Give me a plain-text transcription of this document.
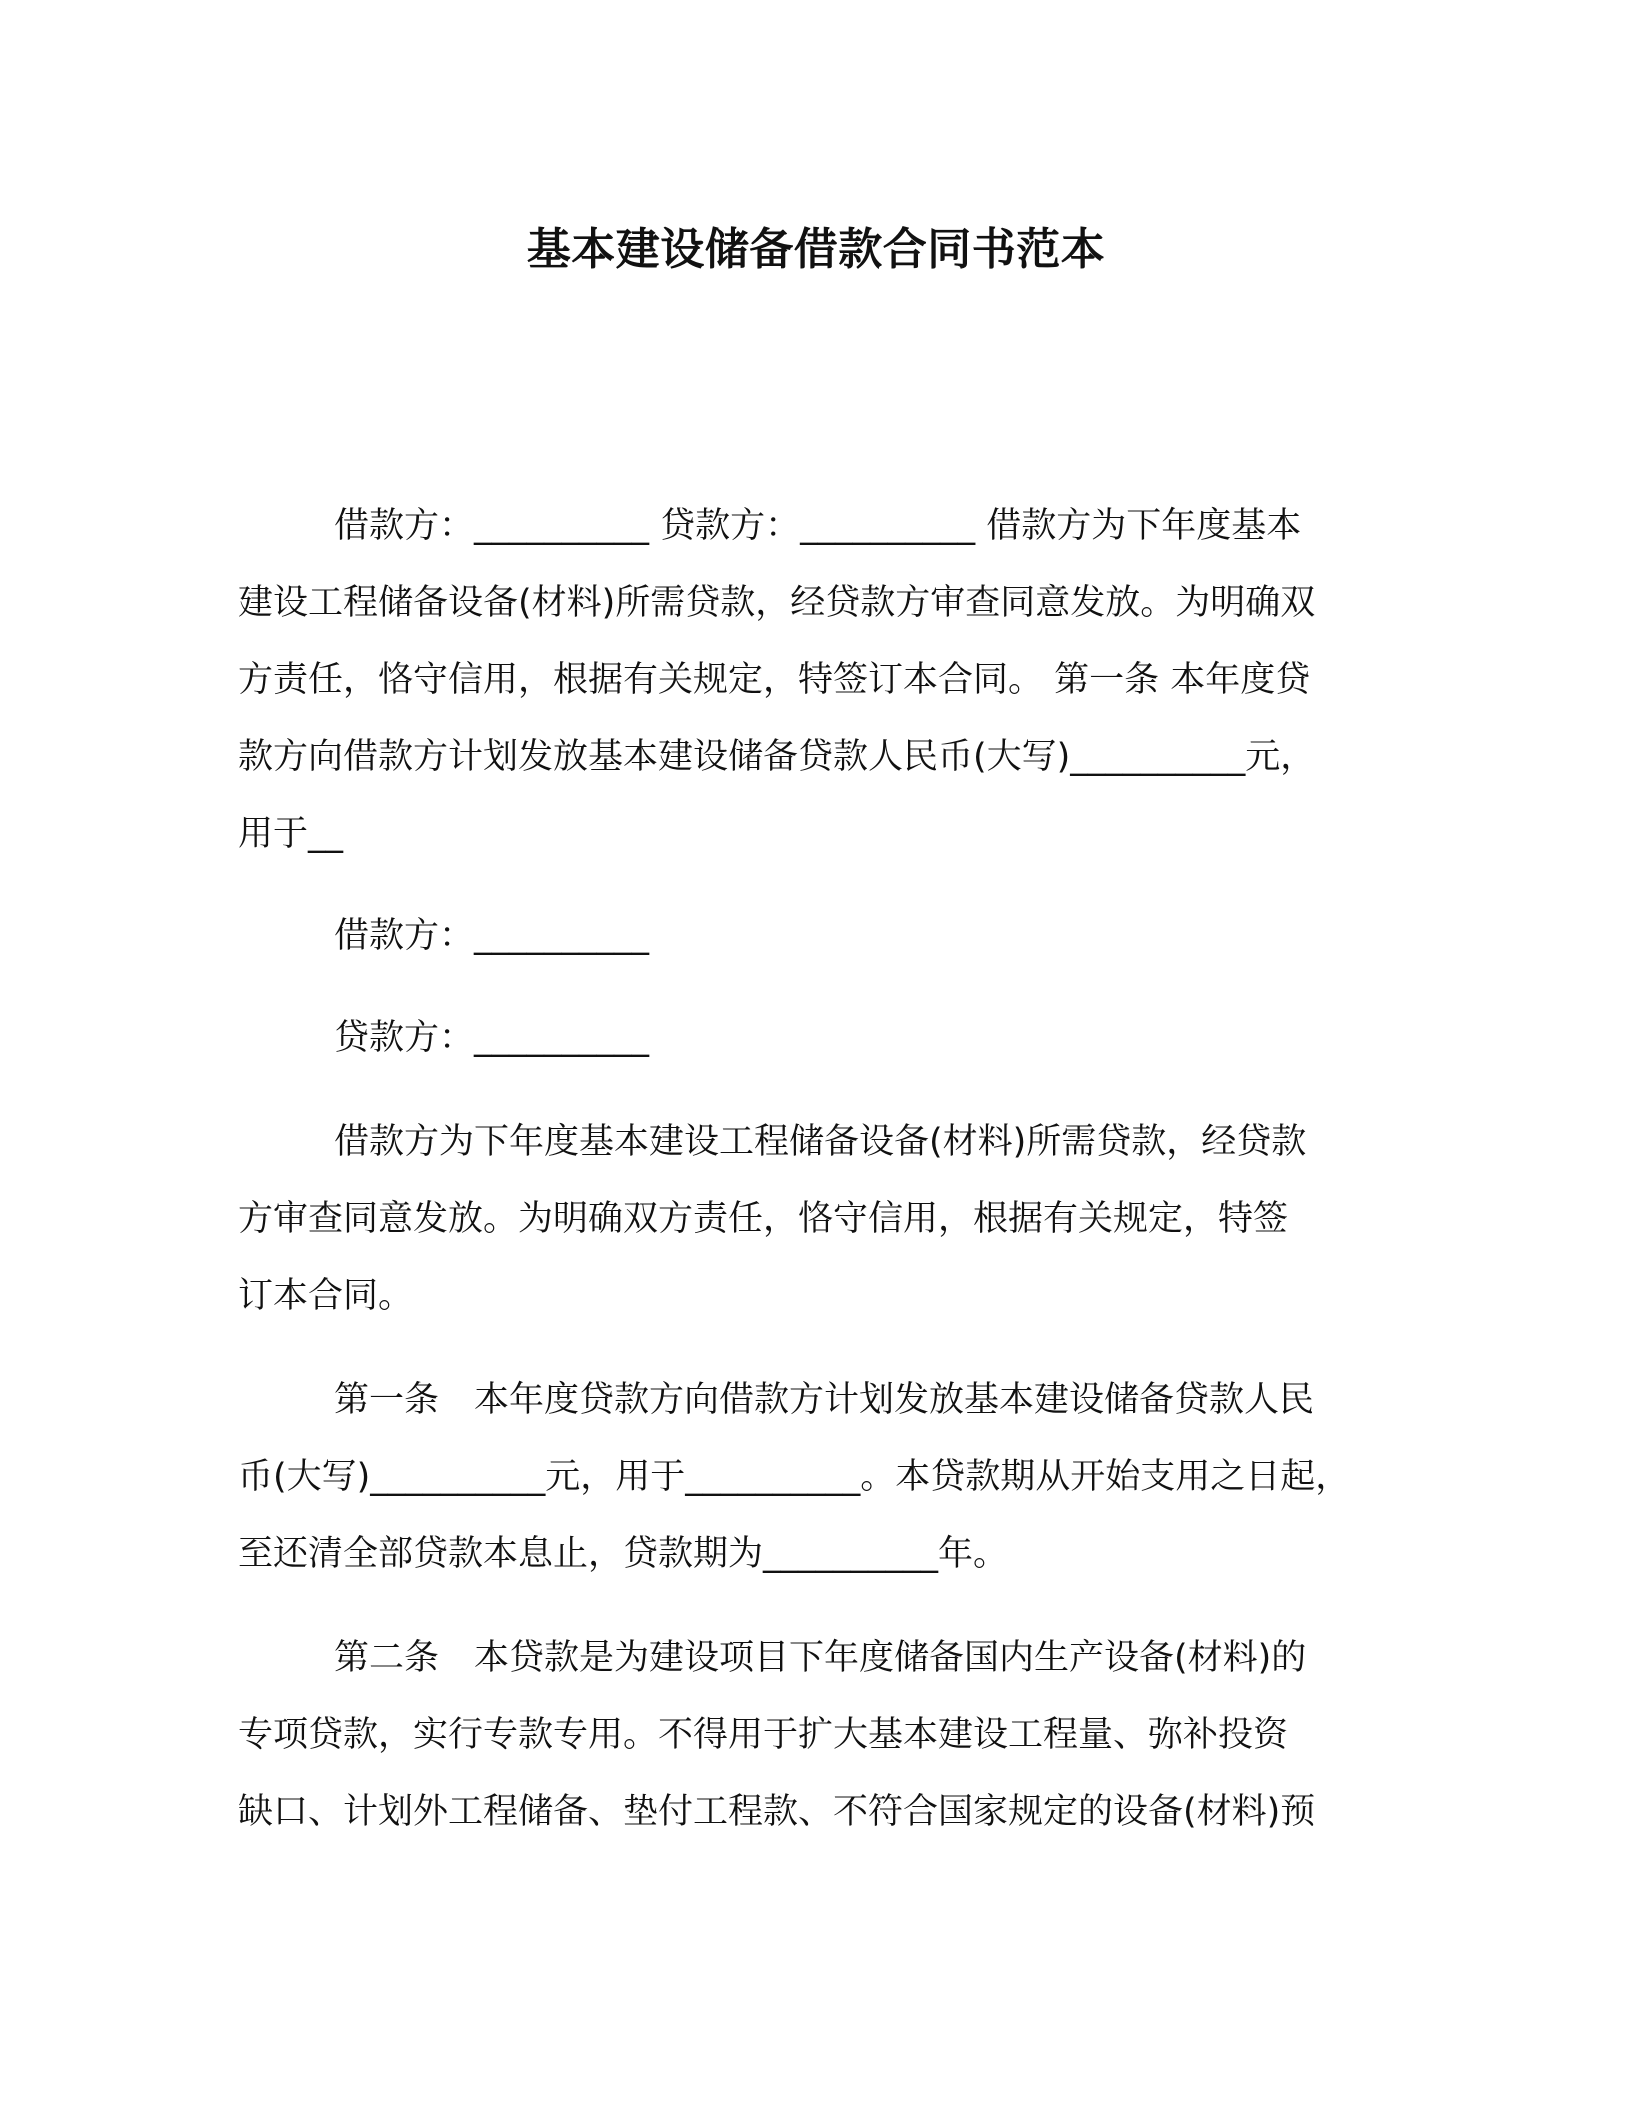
基本建设储备借款合同书范本
借款方：__________ 贷款方：__________ 借款方为下年度基本
建设工程储备设备(材料)所需贷款，经贷款方审查同意发放。为明确双
方责任，恪守信用，根据有关规定，特签订本合同。 第一条 本年度贷
款方向借款方计划发放基本建设储备贷款人民币(大写)__________元，
用于__
借款方：__________
贷款方：__________
借款方为下年度基本建设工程储备设备(材料)所需贷款，经贷款
方审查同意发放。为明确双方责任，恪守信用，根据有关规定，特签
订本合同。
第一条　本年度贷款方向借款方计划发放基本建设储备贷款人民
币(大写)__________元，用于__________。本贷款期从开始支用之日起，
至还清全部贷款本息止，贷款期为__________年。
第二条　本贷款是为建设项目下年度储备国内生产设备(材料)的
专项贷款，实行专款专用。不得用于扩大基本建设工程量、弥补投资
缺口、计划外工程储备、垫付工程款、不符合国家规定的设备(材料)预
